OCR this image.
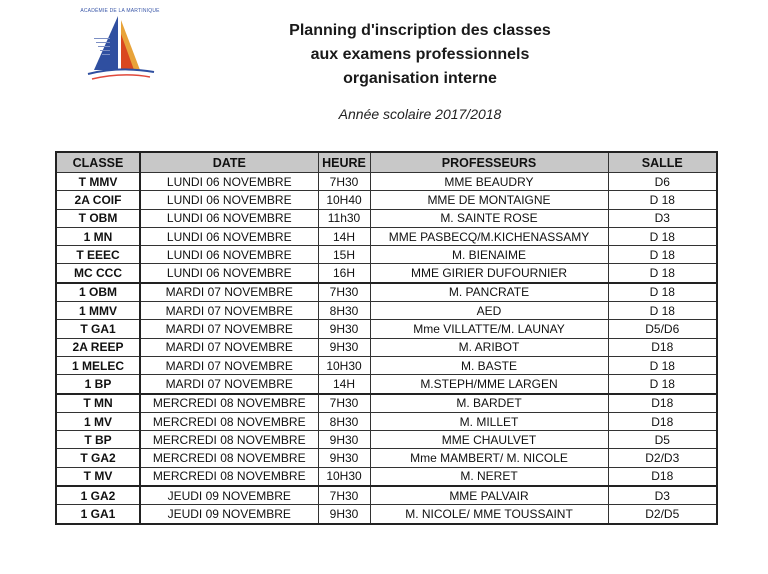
ACADÉMIE DE LA MARTINIQUE
Planning d'inscription des classes
aux examens professionnels
organisation interne
Année scolaire 2017/2018
CLASSE	DATE	HEURE	PROFESSEURS	SALLE
T MMV	LUNDI 06 NOVEMBRE	7H30	MME BEAUDRY	D6
2A COIF	LUNDI 06 NOVEMBRE	10H40	MME DE MONTAIGNE	D 18
T OBM	LUNDI 06 NOVEMBRE	11h30	M. SAINTE ROSE	D3
1 MN	LUNDI 06 NOVEMBRE	14H	MME PASBECQ/M.KICHENASSAMY	D 18
T EEEC	LUNDI 06 NOVEMBRE	15H	M. BIENAIME	D 18
MC CCC	LUNDI 06 NOVEMBRE	16H	MME GIRIER DUFOURNIER	D 18
1 OBM	MARDI 07 NOVEMBRE	7H30	M. PANCRATE	D 18
1 MMV	MARDI 07 NOVEMBRE	8H30	AED	D 18
T GA1	MARDI 07 NOVEMBRE	9H30	Mme VILLATTE/M. LAUNAY	D5/D6
2A REEP	MARDI 07 NOVEMBRE	9H30	M. ARIBOT	D18
1 MELEC	MARDI 07 NOVEMBRE	10H30	M. BASTE	D 18
1 BP	MARDI 07 NOVEMBRE	14H	M.STEPH/MME LARGEN	D 18
T MN	MERCREDI 08 NOVEMBRE	7H30	M. BARDET	D18
1 MV	MERCREDI 08 NOVEMBRE	8H30	M. MILLET	D18
T BP	MERCREDI 08 NOVEMBRE	9H30	MME CHAULVET	D5
T GA2	MERCREDI 08 NOVEMBRE	9H30	Mme MAMBERT/ M. NICOLE	D2/D3
T MV	MERCREDI 08 NOVEMBRE	10H30	M. NERET	D18
1 GA2	JEUDI 09 NOVEMBRE	7H30	MME PALVAIR	D3
1 GA1	JEUDI 09 NOVEMBRE	9H30	M. NICOLE/ MME TOUSSAINT	D2/D5
